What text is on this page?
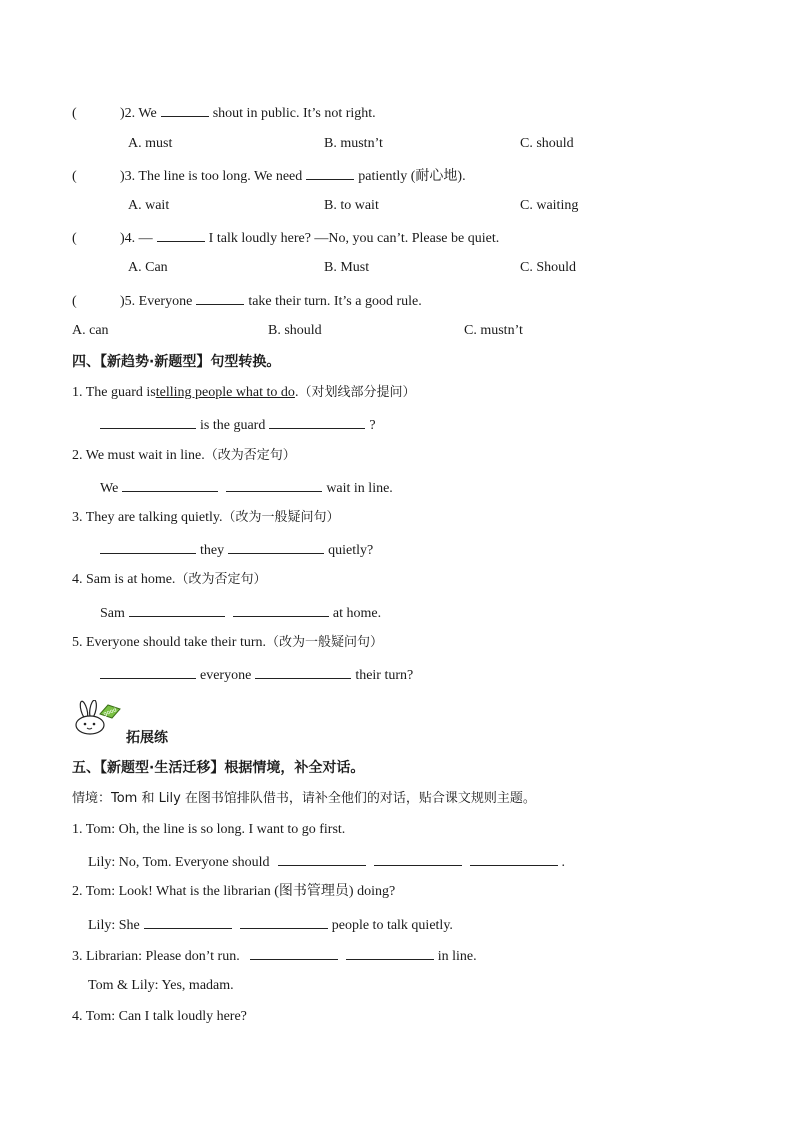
(	)2. We	shout in public. It’s not right.
A. must	B. mustn’t	C. should
(	)3. The line is too long. We need	patiently (耐心地).
A. wait	B. to wait	C. waiting
(	)4. —	I talk loudly here? —No, you can’t. Please be quiet.
A. Can	B. Must	C. Should
(	)5. Everyone	take their turn. It’s a good rule.
A. can	B. should	C. mustn’t
四、【新趋势·新题型】句型转换。
1. The guard istelling people what to do.（对划线部分提问）
is the guard	?
2. We must wait in line.（改为否定句）
We	wait in line.
3. They are talking quietly.（改为一般疑问句）
they	quietly?
4. Sam is at home.（改为否定句）
Sam	at home.
5. Everyone should take their turn.（改为一般疑问句）
everyone	their turn?
good
拓展练
五、【新题型·生活迁移】根据情境，补全对话。
情境：Tom 和 Lily 在图书馆排队借书，请补全他们的对话，贴合课文规则主题。
1. Tom: Oh, the line is so long. I want to go first.
Lily: No, Tom. Everyone should	.
2. Tom: Look! What is the librarian (图书管理员) doing?
Lily: She	people to talk quietly.
3. Librarian: Please don’t run.	in line.
Tom & Lily: Yes, madam.
4. Tom: Can I talk loudly here?
